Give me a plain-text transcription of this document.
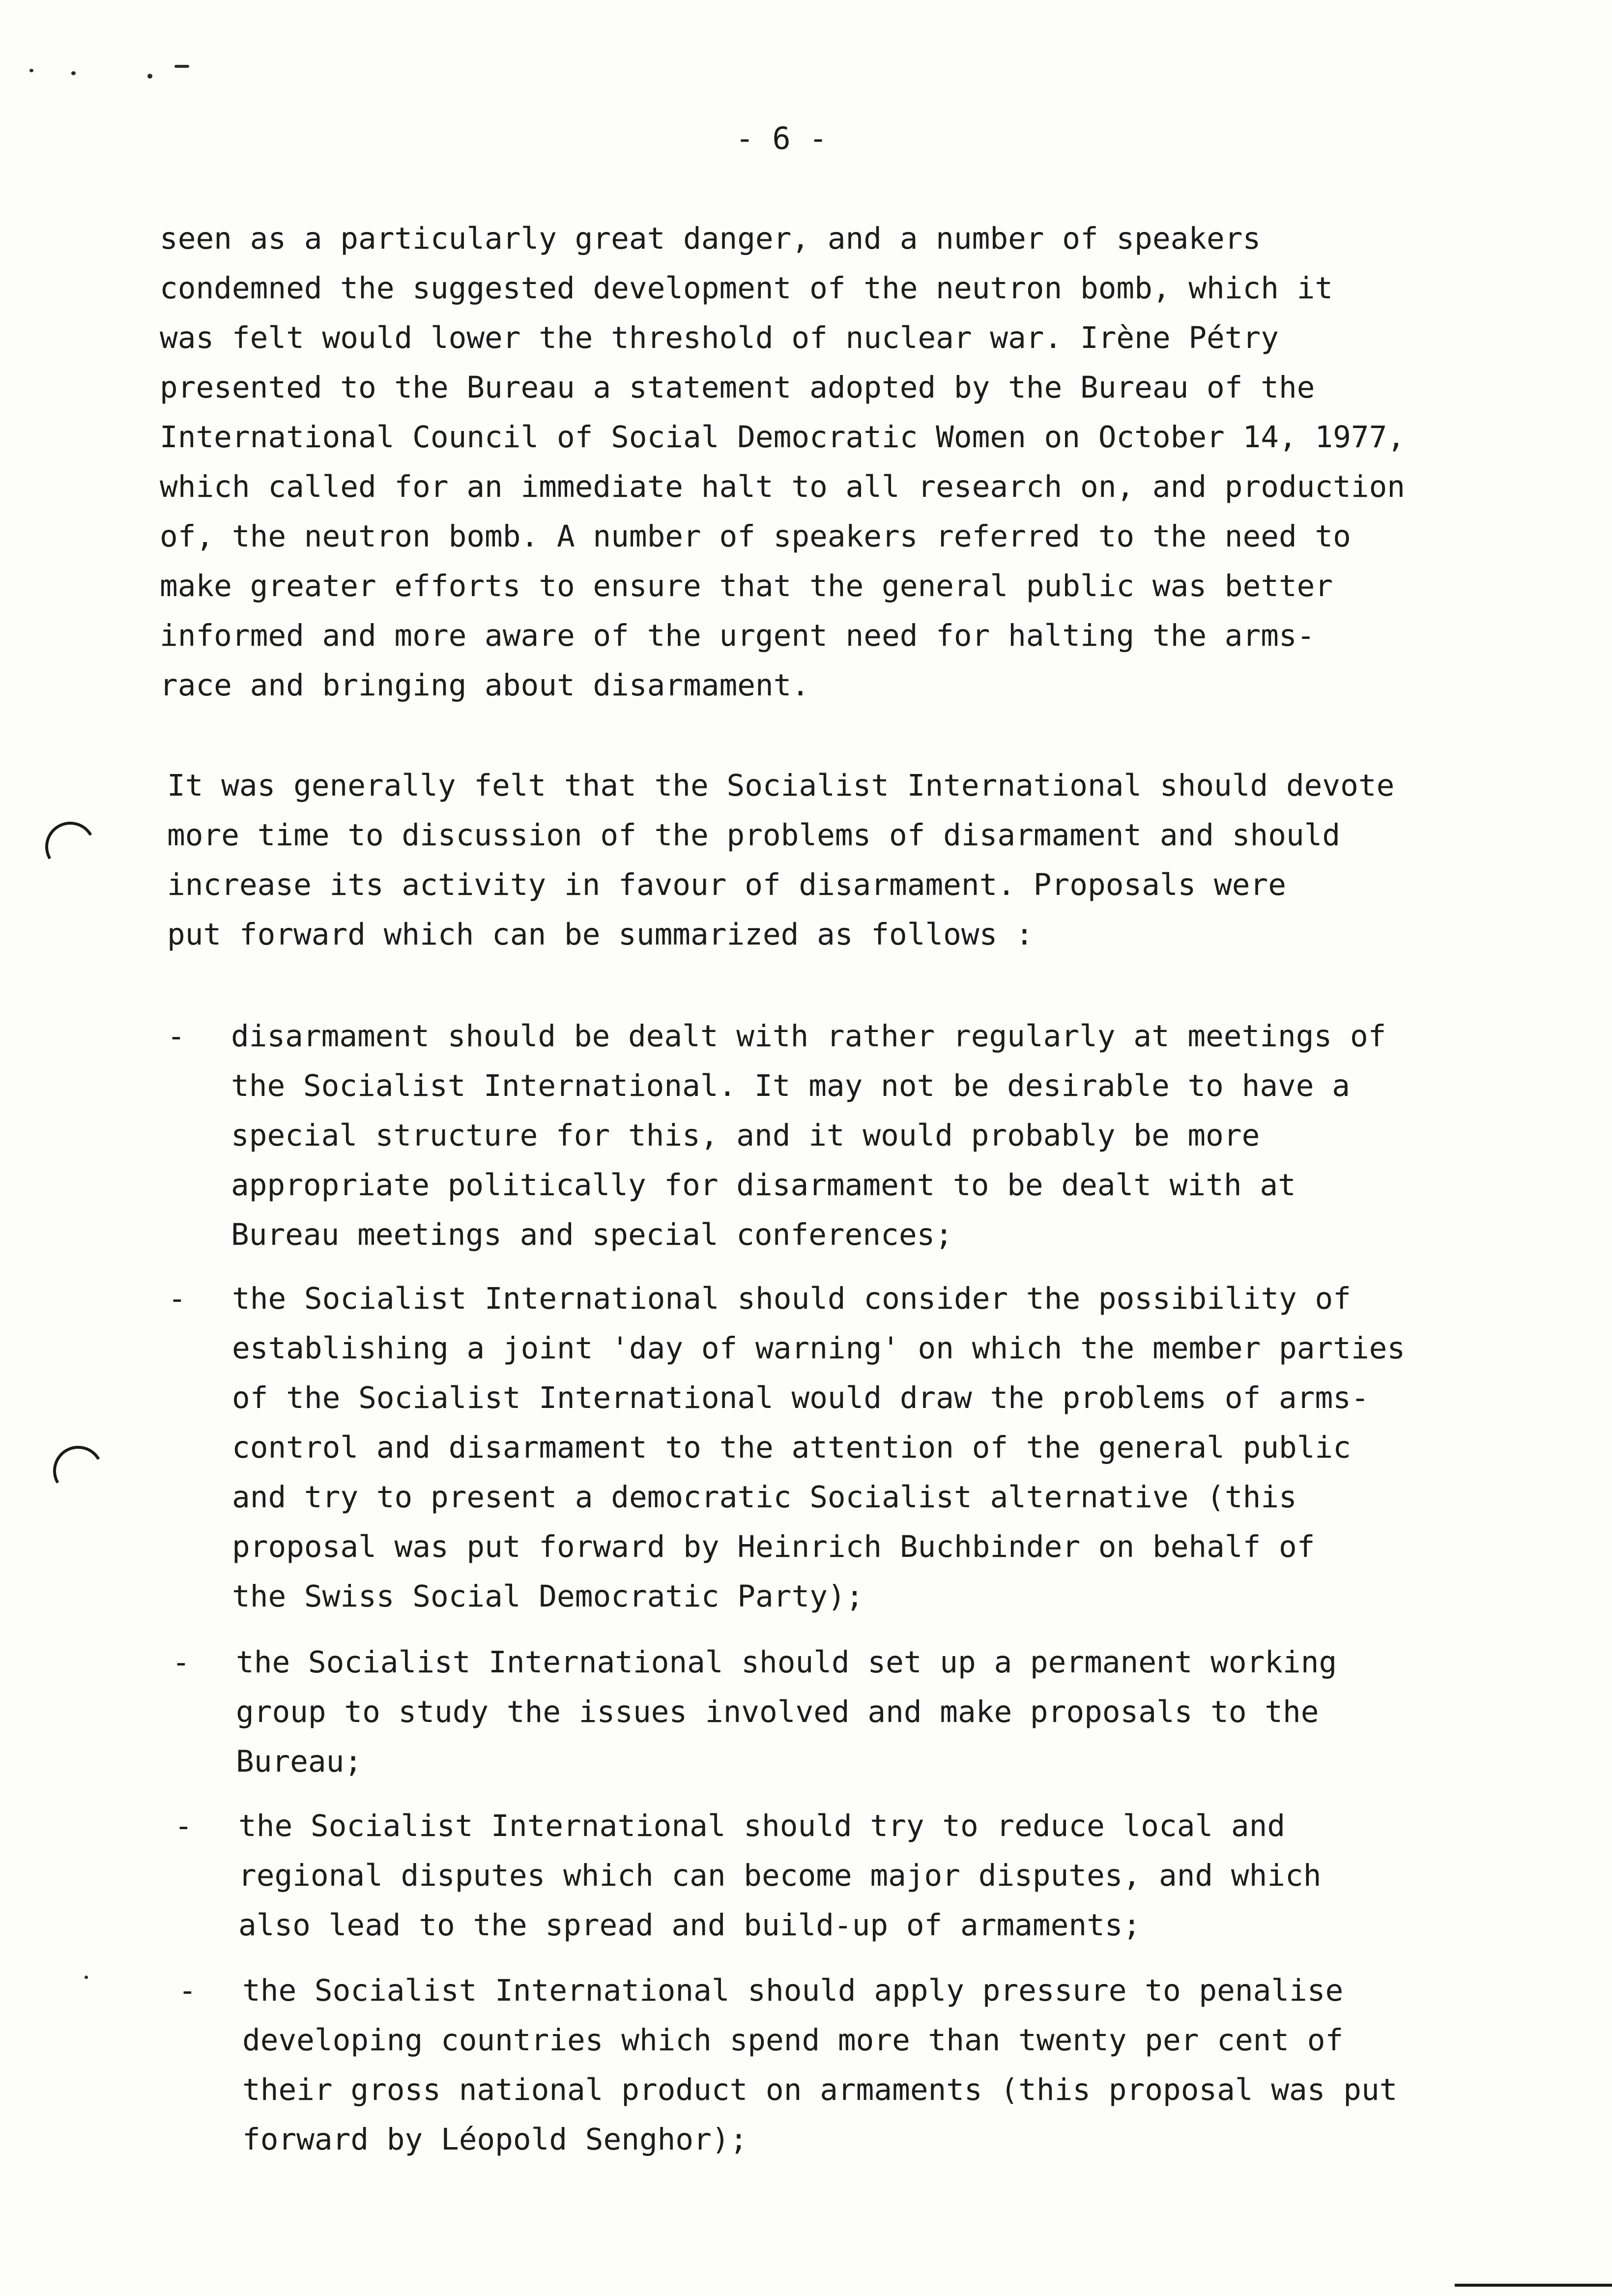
- 6 -
seen as a particularly great danger, and a number of speakers
condemned the suggested development of the neutron bomb, which it
was felt would lower the threshold of nuclear war. Irène Pétry
presented to the Bureau a statement adopted by the Bureau of the
International Council of Social Democratic Women on October 14, 1977,
which called for an immediate halt to all research on, and production
of, the neutron bomb. A number of speakers referred to the need to
make greater efforts to ensure that the general public was better
informed and more aware of the urgent need for halting the arms-
race and bringing about disarmament.
It was generally felt that the Socialist International should devote
more time to discussion of the problems of disarmament and should
increase its activity in favour of disarmament. Proposals were
put forward which can be summarized as follows :
- disarmament should be dealt with rather regularly at meetings of
the Socialist International. It may not be desirable to have a
special structure for this, and it would probably be more
appropriate politically for disarmament to be dealt with at
Bureau meetings and special conferences;
- the Socialist International should consider the possibility of
establishing a joint 'day of warning' on which the member parties
of the Socialist International would draw the problems of arms-
control and disarmament to the attention of the general public
and try to present a democratic Socialist alternative (this
proposal was put forward by Heinrich Buchbinder on behalf of
the Swiss Social Democratic Party);
- the Socialist International should set up a permanent working
group to study the issues involved and make proposals to the
Bureau;
- the Socialist International should try to reduce local and
regional disputes which can become major disputes, and which
also lead to the spread and build-up of armaments;
- the Socialist International should apply pressure to penalise
developing countries which spend more than twenty per cent of
their gross national product on armaments (this proposal was put
forward by Léopold Senghor);
